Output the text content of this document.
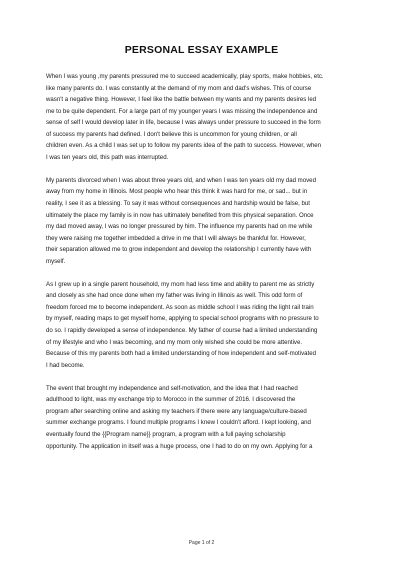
PERSONAL ESSAY EXAMPLE

When I was young ,my parents pressured me to succeed academically, play sports, make hobbies, etc.
like many parents do. I was constantly at the demand of my mom and dad's wishes. This of course
wasn't a negative thing. However, I feel like the battle between my wants and my parents desires led
me to be quite dependent. For a large part of my younger years I was missing the independence and
sense of self I would develop later in life, because I was always under pressure to succeed in the form
of success my parents had defined. I don't believe this is uncommon for young children, or all
children even. As a child I was set up to follow my parents idea of the path to success. However, when
I was ten years old, this path was interrupted.

My parents divorced when I was about three years old, and when I was ten years old my dad moved
away from my home in Illinois. Most people who hear this think it was hard for me, or sad... but in
reality, I see it as a blessing. To say it was without consequences and hardship would be false, but
ultimately the place my family is in now has ultimately benefited from this physical separation. Once
my dad moved away, I was no longer pressured by him. The influence my parents had on me while
they were raising me together imbedded a drive in me that I will always be thankful for. However,
their separation allowed me to grow independent and develop the relationship I currently have with
myself.

As I grew up in a single parent household, my mom had less time and ability to parent me as strictly
and closely as she had once done when my father was living in Illinois as well. This odd form of
freedom forced me to become independent. As soon as middle school I was riding the light rail train
by myself, reading maps to get myself home, applying to special school programs with no pressure to
do so. I rapidly developed a sense of independence. My father of course had a limited understanding
of my lifestyle and who I was becoming, and my mom only wished she could be more attentive.
Because of this my parents both had a limited understanding of how independent and self-motivated
I had become.

The event that brought my independence and self-motivation, and the idea that I had reached
adulthood to light, was my exchange trip to Morocco in the summer of 2016. I discovered the
program after searching online and asking my teachers if there were any language/culture-based
summer exchange programs. I found multiple programs I knew I couldn't afford. I kept looking, and
eventually found the {{Program name}} program, a program with a full paying scholarship
opportunity. The application in itself was a huge process, one I had to do on my own. Applying for a

Page 1 of 2
